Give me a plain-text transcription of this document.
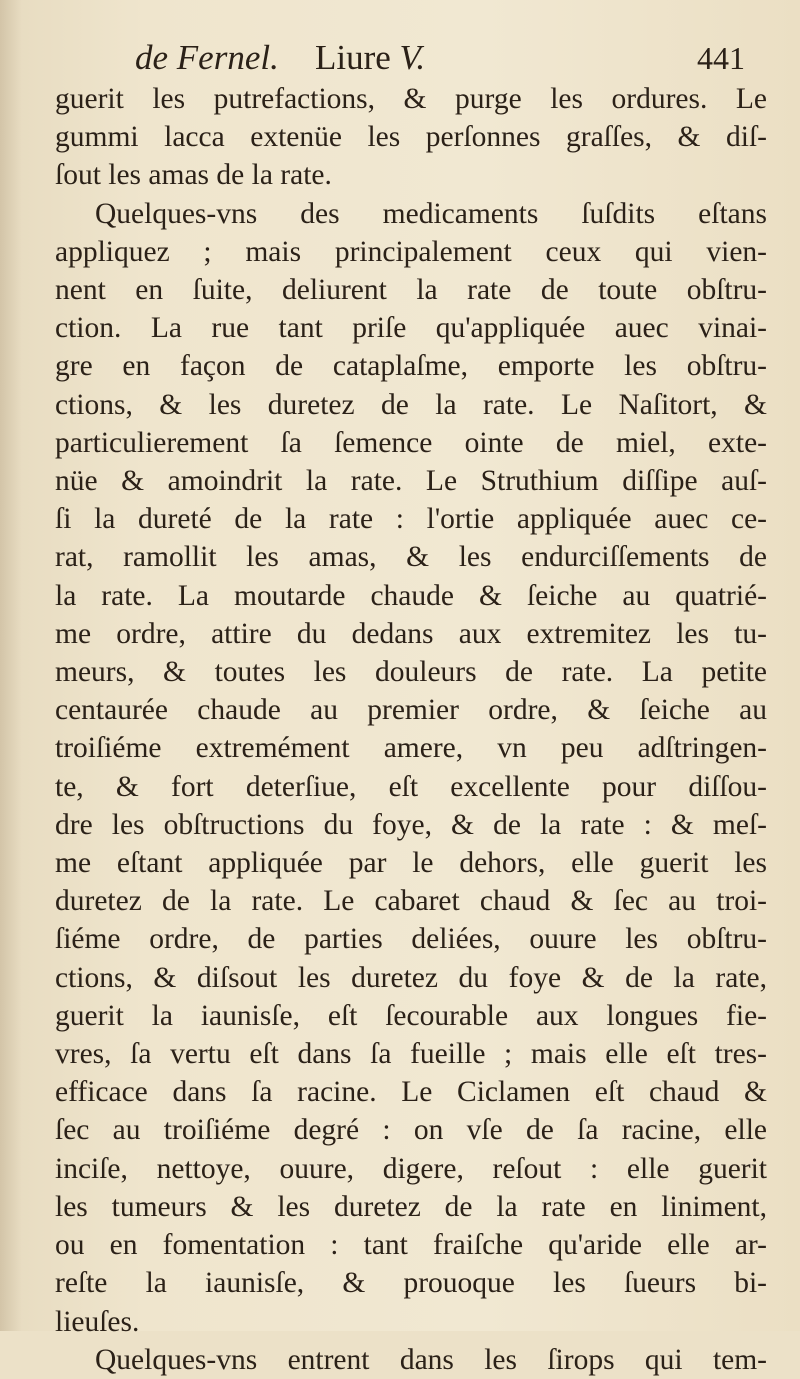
de Fernel. Liure V.	441
guerit les putrefactions, & purge les ordures. Le
gummi lacca extenüe les perſonnes graſſes, & diſ-
ſout les amas de la rate.
Quelques-vns des medicaments ſuſdits eſtans
appliquez ; mais principalement ceux qui vien-
nent en ſuite, deliurent la rate de toute obſtru-
ction. La rue tant priſe qu'appliquée auec vinai-
gre en façon de cataplaſme, emporte les obſtru-
ctions, & les duretez de la rate. Le Naſitort, &
particulierement ſa ſemence ointe de miel, exte-
nüe & amoindrit la rate. Le Struthium diſſipe auſ-
ſi la dureté de la rate : l'ortie appliquée auec ce-
rat, ramollit les amas, & les endurciſſements de
la rate. La moutarde chaude & ſeiche au quatrié-
me ordre, attire du dedans aux extremitez les tu-
meurs, & toutes les douleurs de rate. La petite
centaurée chaude au premier ordre, & ſeiche au
troiſiéme extremément amere, vn peu adſtringen-
te, & fort deterſiue, eſt excellente pour diſſou-
dre les obſtructions du foye, & de la rate : & meſ-
me eſtant appliquée par le dehors, elle guerit les
duretez de la rate. Le cabaret chaud & ſec au troi-
ſiéme ordre, de parties deliées, ouure les obſtru-
ctions, & diſsout les duretez du foye & de la rate,
guerit la iaunisſe, eſt ſecourable aux longues fie-
vres, ſa vertu eſt dans ſa fueille ; mais elle eſt tres-
efficace dans ſa racine. Le Ciclamen eſt chaud &
ſec au troiſiéme degré : on vſe de ſa racine, elle
inciſe, nettoye, ouure, digere, reſout : elle guerit
les tumeurs & les duretez de la rate en liniment,
ou en fomentation : tant fraiſche qu'aride elle ar-
reſte la iaunisſe, & prouoque les ſueurs bi-
lieuſes.
Quelques-vns entrent dans les ſirops qui tem-
